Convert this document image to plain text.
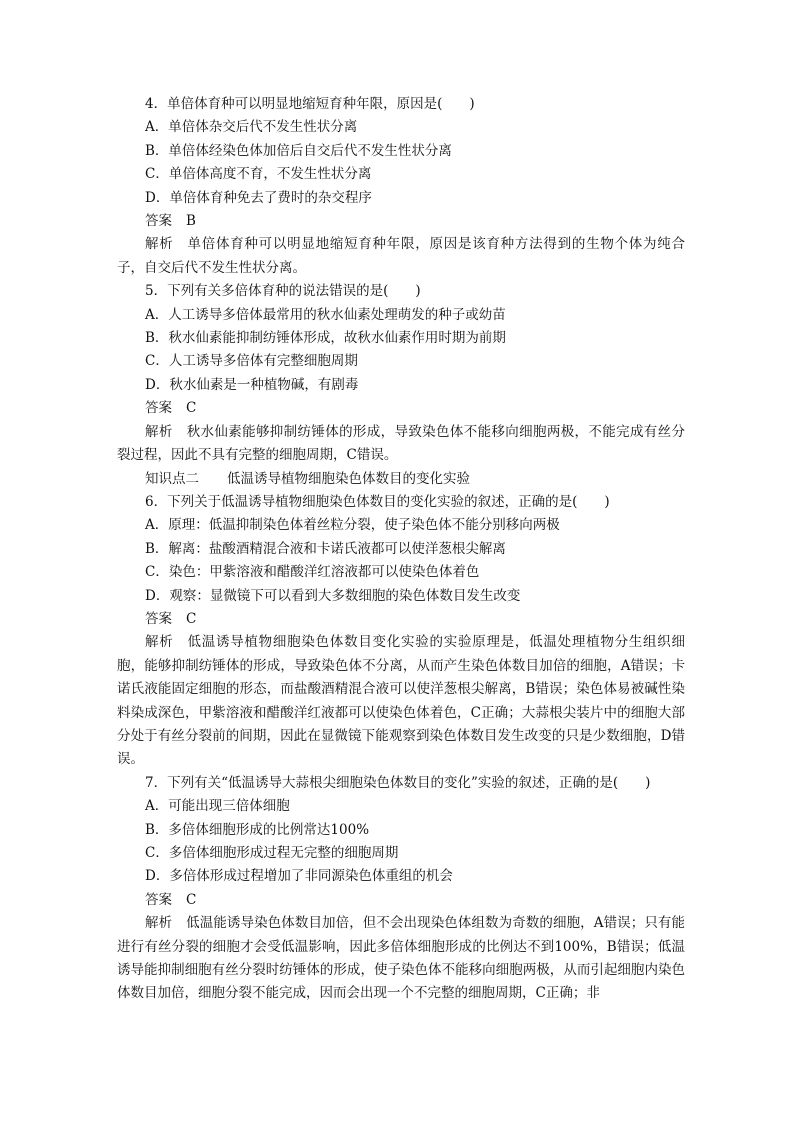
4．单倍体育种可以明显地缩短育种年限，原因是(　　)
A．单倍体杂交后代不发生性状分离
B．单倍体经染色体加倍后自交后代不发生性状分离
C．单倍体高度不育，不发生性状分离
D．单倍体育种免去了费时的杂交程序
答案 B
解析 单倍体育种可以明显地缩短育种年限，原因是该育种方法得到的生物个体为纯合子，自交后代不发生性状分离。
5．下列有关多倍体育种的说法错误的是(　　)
A．人工诱导多倍体最常用的秋水仙素处理萌发的种子或幼苗
B．秋水仙素能抑制纺锤体形成，故秋水仙素作用时期为前期
C．人工诱导多倍体有完整细胞周期
D．秋水仙素是一种植物碱，有剧毒
答案 C
解析 秋水仙素能够抑制纺锤体的形成，导致染色体不能移向细胞两极，不能完成有丝分裂过程，因此不具有完整的细胞周期，C错误。
知识点二 低温诱导植物细胞染色体数目的变化实验
6．下列关于低温诱导植物细胞染色体数目的变化实验的叙述，正确的是(　　)
A．原理：低温抑制染色体着丝粒分裂，使子染色体不能分别移向两极
B．解离：盐酸酒精混合液和卡诺氏液都可以使洋葱根尖解离
C．染色：甲紫溶液和醋酸洋红溶液都可以使染色体着色
D．观察：显微镜下可以看到大多数细胞的染色体数目发生改变
答案 C
解析 低温诱导植物细胞染色体数目变化实验的实验原理是，低温处理植物分生组织细胞，能够抑制纺锤体的形成，导致染色体不分离，从而产生染色体数目加倍的细胞，A错误；卡诺氏液能固定细胞的形态，而盐酸酒精混合液可以使洋葱根尖解离，B错误；染色体易被碱性染料染成深色，甲紫溶液和醋酸洋红液都可以使染色体着色，C正确；大蒜根尖装片中的细胞大部分处于有丝分裂前的间期，因此在显微镜下能观察到染色体数目发生改变的只是少数细胞，D错误。
7．下列有关“低温诱导大蒜根尖细胞染色体数目的变化”实验的叙述，正确的是(　　)
A．可能出现三倍体细胞
B．多倍体细胞形成的比例常达100%
C．多倍体细胞形成过程无完整的细胞周期
D．多倍体形成过程增加了非同源染色体重组的机会
答案 C
解析 低温能诱导染色体数目加倍，但不会出现染色体组数为奇数的细胞，A错误；只有能进行有丝分裂的细胞才会受低温影响，因此多倍体细胞形成的比例达不到100%，B错误；低温诱导能抑制细胞有丝分裂时纺锤体的形成，使子染色体不能移向细胞两极，从而引起细胞内染色体数目加倍，细胞分裂不能完成，因而会出现一个不完整的细胞周期，C正确；非
